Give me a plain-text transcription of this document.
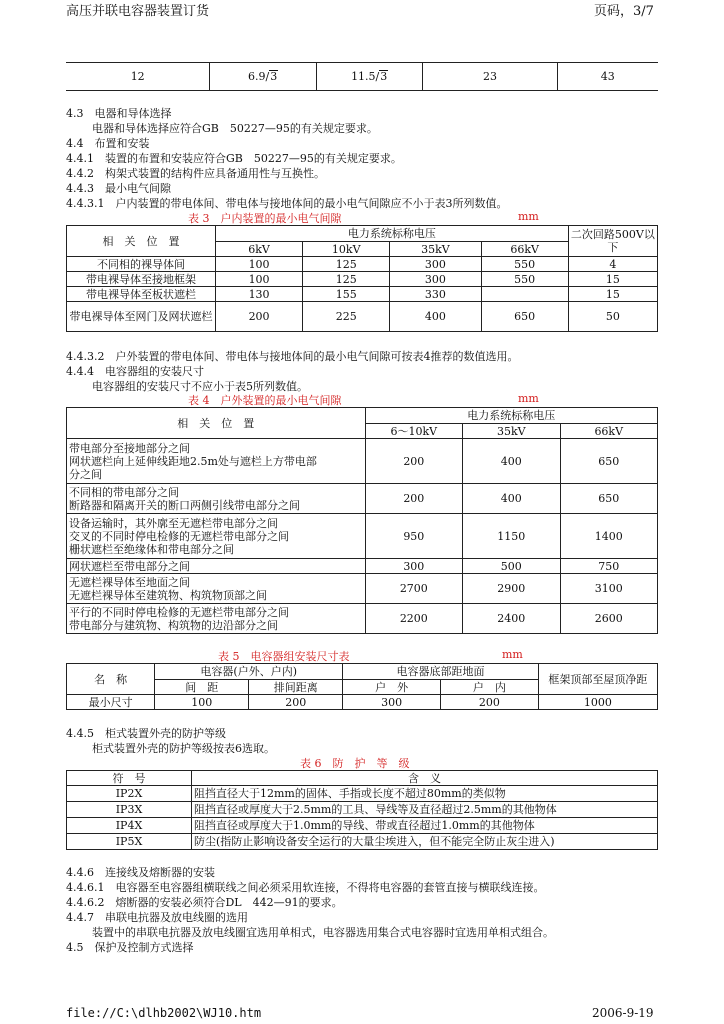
高压并联电容器装置订货	页码，3/7
12	6.9/3	11.5/3	23	43
4.3　电器和导体选择
电器和导体选择应符合GB　50227—95的有关规定要求。
4.4　布置和安装
4.4.1　装置的布置和安装应符合GB　50227—95的有关规定要求。
4.4.2　构架式装置的结构件应具备通用性与互换性。
4.4.3　最小电气间隙
4.4.3.1　户内装置的带电体间、带电体与接地体间的最小电气间隙应不小于表3所列数值。
表 3　户内装置的最小电气间隙	mm
相　关　位　置	电力系统标称电压				二次回路500V以下
	6kV	10kV	35kV	66kV	
不同相的裸导体间	100	125	300	550	4
带电裸导体至接地框架	100	125	300	550	15
带电裸导体至板状遮栏	130	155	330		15
带电裸导体至网门及网状遮栏	200	225	400	650	50
4.4.3.2　户外装置的带电体间、带电体与接地体间的最小电气间隙可按表4推荐的数值选用。
4.4.4　电容器组的安装尺寸
电容器组的安装尺寸不应小于表5所列数值。
表 4　户外装置的最小电气间隙	mm
相　关　位　置	电力系统标称电压		
	6～10kV	35kV	66kV

带电部分至接地部分之间
网状遮栏向上延伸线距地2.5m处与遮栏上方带电部
分之间	200	400	650

不同相的带电部分之间
断路器和隔离开关的断口两侧引线带电部分之间	200	400	650

设备运输时，其外廓至无遮栏带电部分之间
交叉的不同时停电检修的无遮栏带电部分之间
栅状遮栏至绝缘体和带电部分之间	950	1150	1400

网状遮栏至带电部分之间	300	500	750

无遮栏裸导体至地面之间
无遮栏裸导体至建筑物、构筑物顶部之间	2700	2900	3100

平行的不同时停电检修的无遮栏带电部分之间
带电部分与建筑物、构筑物的边沿部分之间	2200	2400	2600
表 5　电容器组安装尺寸表	mm
名　称	电容器(户外、户内)		电容器底部距地面		框架顶部至屋顶净距
	间　距	排间距离	户　外	户　内	
最小尺寸	100	200	300	200	1000
4.4.5　柜式装置外壳的防护等级
柜式装置外壳的防护等级按表6选取。
表 6　防　护　等　级
符　号	含　义
IP2X	阻挡直径大于12mm的固体、手指或长度不超过80mm的类似物
IP3X	阻挡直径或厚度大于2.5mm的工具、导线等及直径超过2.5mm的其他物体
IP4X	阻挡直径或厚度大于1.0mm的导线、带或直径超过1.0mm的其他物体
IP5X	防尘(指防止影响设备安全运行的大量尘埃进入，但不能完全防止灰尘进入)
4.4.6　连接线及熔断器的安装
4.4.6.1　电容器至电容器组横联线之间必须采用软连接，不得将电容器的套管直接与横联线连接。
4.4.6.2　熔断器的安装必须符合DL　442—91的要求。
4.4.7　串联电抗器及放电线圈的选用
装置中的串联电抗器及放电线圈宜选用单相式，电容器选用集合式电容器时宜选用单相式组合。
4.5　保护及控制方式选择
file://C:\dlhb2002\WJ10.htm	2006-9-19
